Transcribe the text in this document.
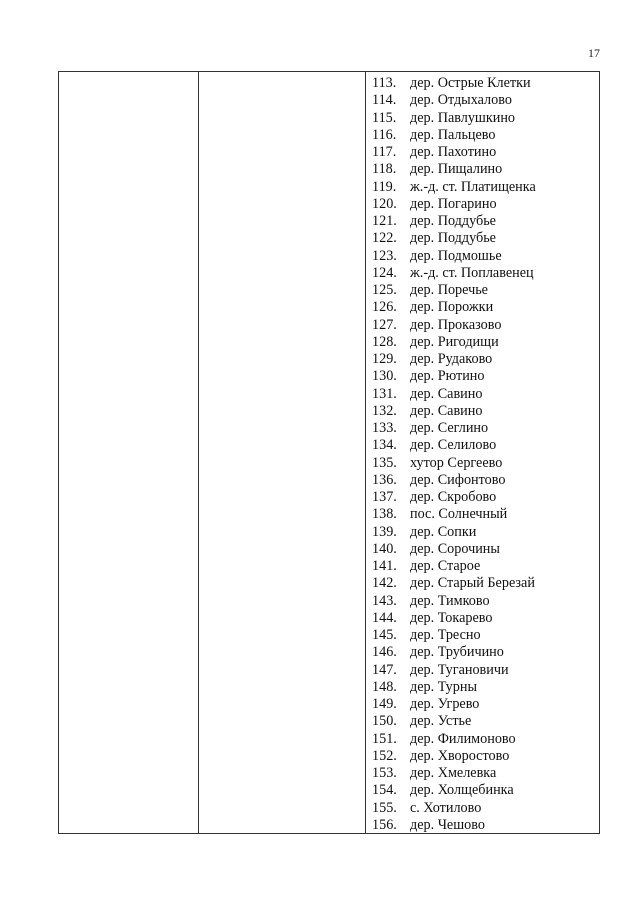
17
113. дер. Острые Клетки
114. дер. Отдыхалово
115. дер. Павлушкино
116. дер. Пальцево
117. дер. Пахотино
118. дер. Пищалино
119. ж.-д. ст. Платищенка
120. дер. Погарино
121. дер. Поддубье
122. дер. Поддубье
123. дер. Подмошье
124. ж.-д. ст. Поплавенец
125. дер. Поречье
126. дер. Порожки
127. дер. Проказово
128. дер. Ригодищи
129. дер. Рудаково
130. дер. Рютино
131. дер. Савино
132. дер. Савино
133. дер. Сеглино
134. дер. Селилово
135. хутор Сергеево
136. дер. Сифонтово
137. дер. Скробово
138. пос. Солнечный
139. дер. Сопки
140. дер. Сорочины
141. дер. Старое
142. дер. Старый Березай
143. дер. Тимково
144. дер. Токарево
145. дер. Тресно
146. дер. Трубичино
147. дер. Тугановичи
148. дер. Турны
149. дер. Угрево
150. дер. Устье
151. дер. Филимоново
152. дер. Хворостово
153. дер. Хмелевка
154. дер. Холщебинка
155. с. Хотилово
156. дер. Чешово
